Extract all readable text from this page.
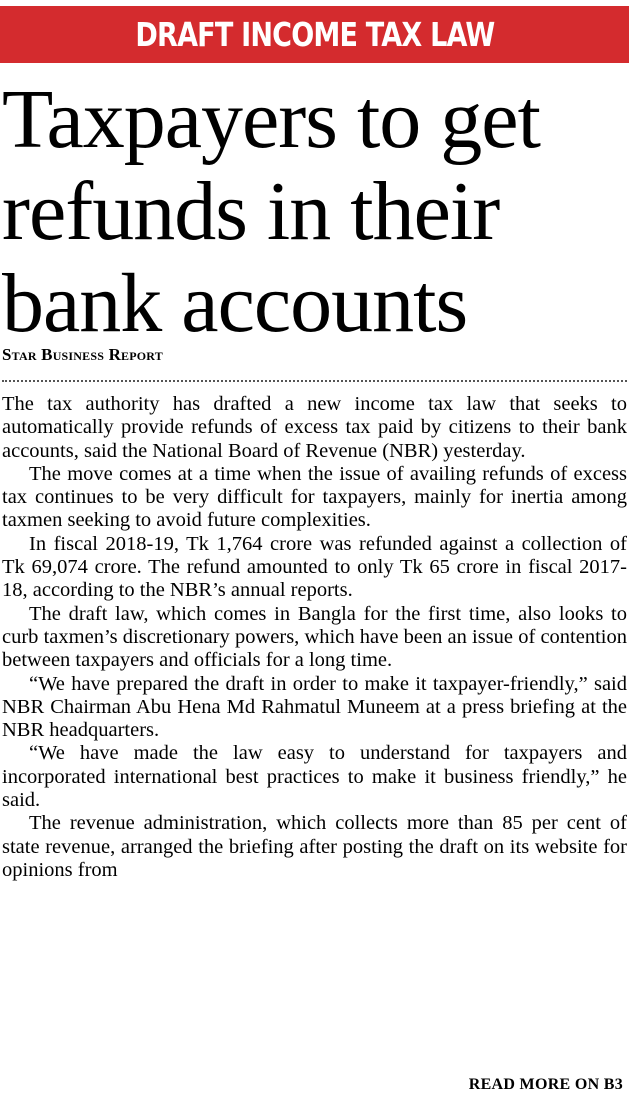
DRAFT INCOME TAX LAW
Taxpayers to get
refunds in their
bank accounts
Star Business Report

The tax authority has drafted a new income tax law that seeks to automatically provide refunds of excess tax paid by citizens to their bank accounts, said the National Board of Revenue (NBR) yesterday.

The move comes at a time when the issue of availing refunds of excess tax continues to be very difficult for taxpayers, mainly for inertia among taxmen seeking to avoid future complexities.

In fiscal 2018-19, Tk 1,764 crore was refunded against a collection of Tk 69,074 crore. The refund amounted to only Tk 65 crore in fiscal 2017-18, according to the NBR’s annual reports.

The draft law, which comes in Bangla for the first time, also looks to curb taxmen’s discretionary powers, which have been an issue of contention between taxpayers and officials for a long time.

“We have prepared the draft in order to make it taxpayer-friendly,” said NBR Chairman Abu Hena Md Rahmatul Muneem at a press briefing at the NBR headquarters.

“We have made the law easy to understand for taxpayers and incorporated international best practices to make it business friendly,” he said.

The revenue administration, which collects more than 85 per cent of state revenue, arranged the briefing after posting the draft on its website for opinions from

READ MORE ON B3
